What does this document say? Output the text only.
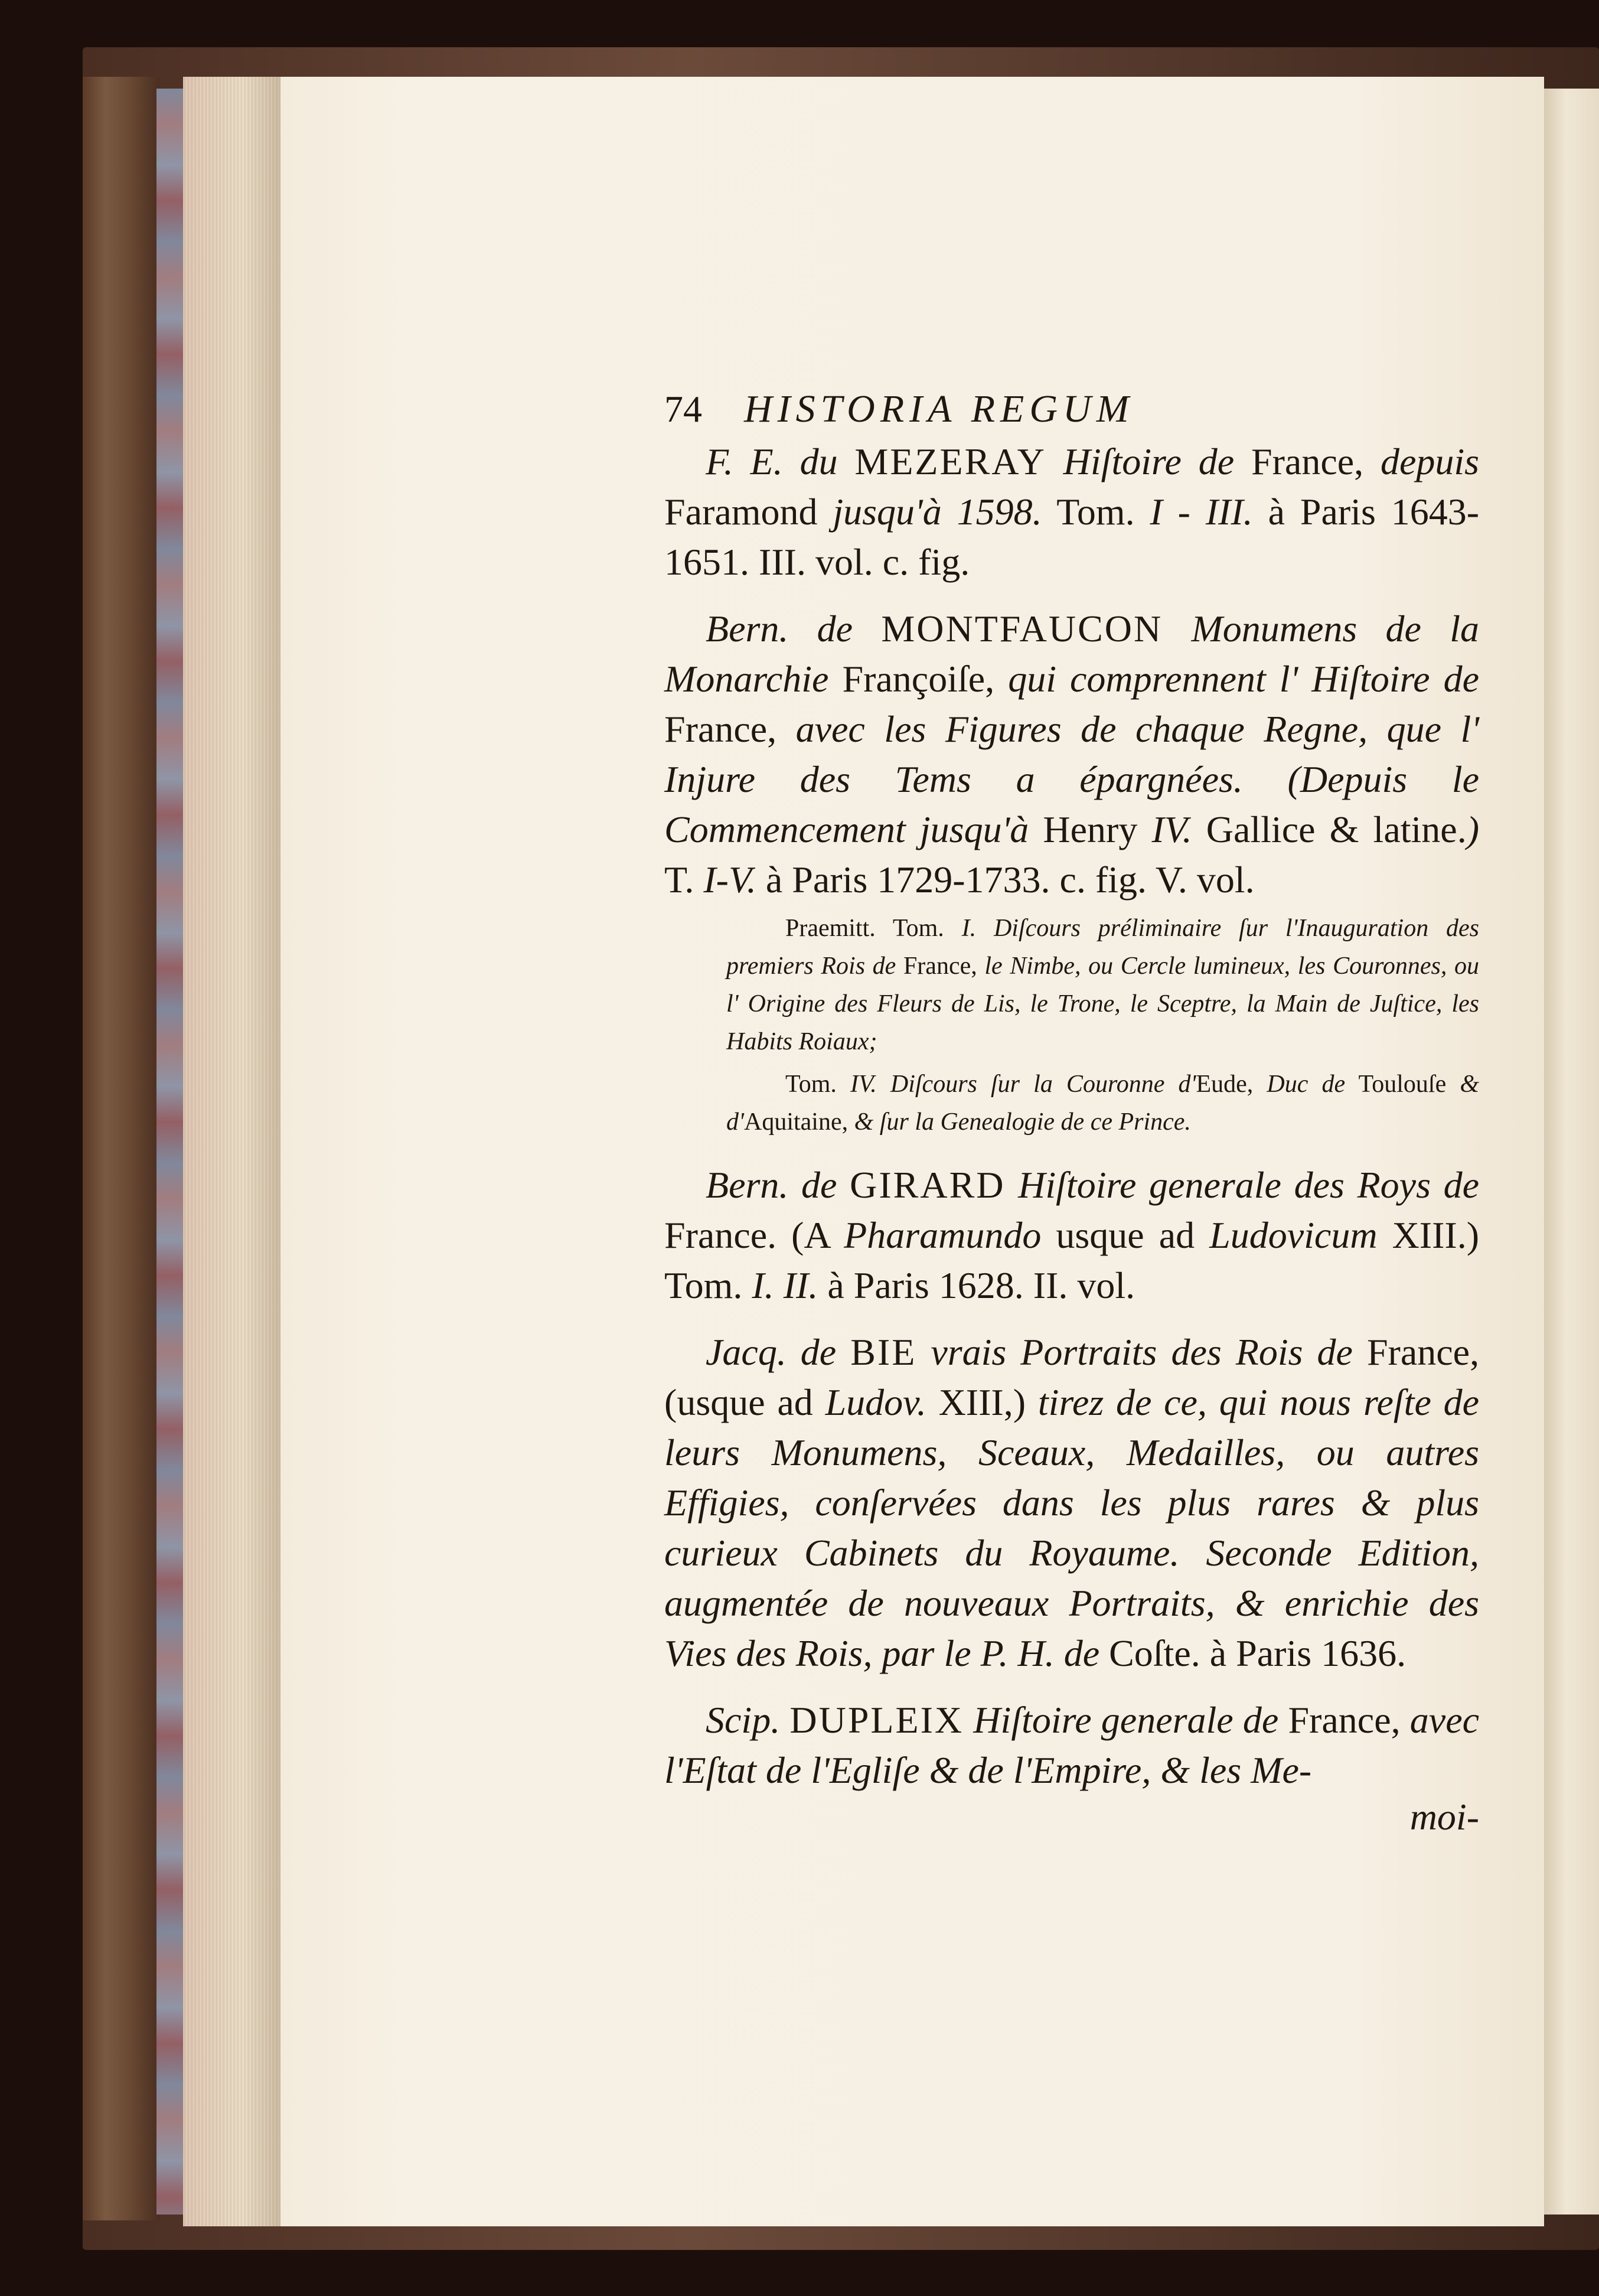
74	HISTORIA REGUM

F. E. du MEZERAY Hiſtoire de France, depuis Faramond jusqu'à 1598. Tom. I - III. à Paris 1643-1651. III. vol. c. fig.

Bern. de MONTFAUCON Monumens de la Monarchie Françoiſe, qui comprennent l' Hiſtoire de France, avec les Figures de chaque Regne, que l' Injure des Tems a épargnées. (Depuis le Commencement jusqu'à Henry IV. Gallice & latine.) T. I-V. à Paris 1729-1733. c. fig. V. vol.

Praemitt. Tom. I. Diſcours préliminaire ſur l'Inauguration des premiers Rois de France, le Nimbe, ou Cercle lumineux, les Couronnes, ou l' Origine des Fleurs de Lis, le Trone, le Sceptre, la Main de Juſtice, les Habits Roiaux;

Tom. IV. Diſcours ſur la Couronne d'Eude, Duc de Toulouſe & d'Aquitaine, & ſur la Genealogie de ce Prince.

Bern. de GIRARD Hiſtoire generale des Roys de France. (A Pharamundo usque ad Ludovicum XIII.) Tom. I. II. à Paris 1628. II. vol.

Jacq. de BIE vrais Portraits des Rois de France, (usque ad Ludov. XIII,) tirez de ce, qui nous reſte de leurs Monumens, Sceaux, Medailles, ou autres Effigies, conſervées dans les plus rares & plus curieux Cabinets du Royaume. Seconde Edition, augmentée de nouveaux Portraits, & enrichie des Vies des Rois, par le P. H. de Coſte. à Paris 1636.

Scip. DUPLEIX Hiſtoire generale de France, avec l'Eſtat de l'Egliſe & de l'Empire, & les Me-

moi-
